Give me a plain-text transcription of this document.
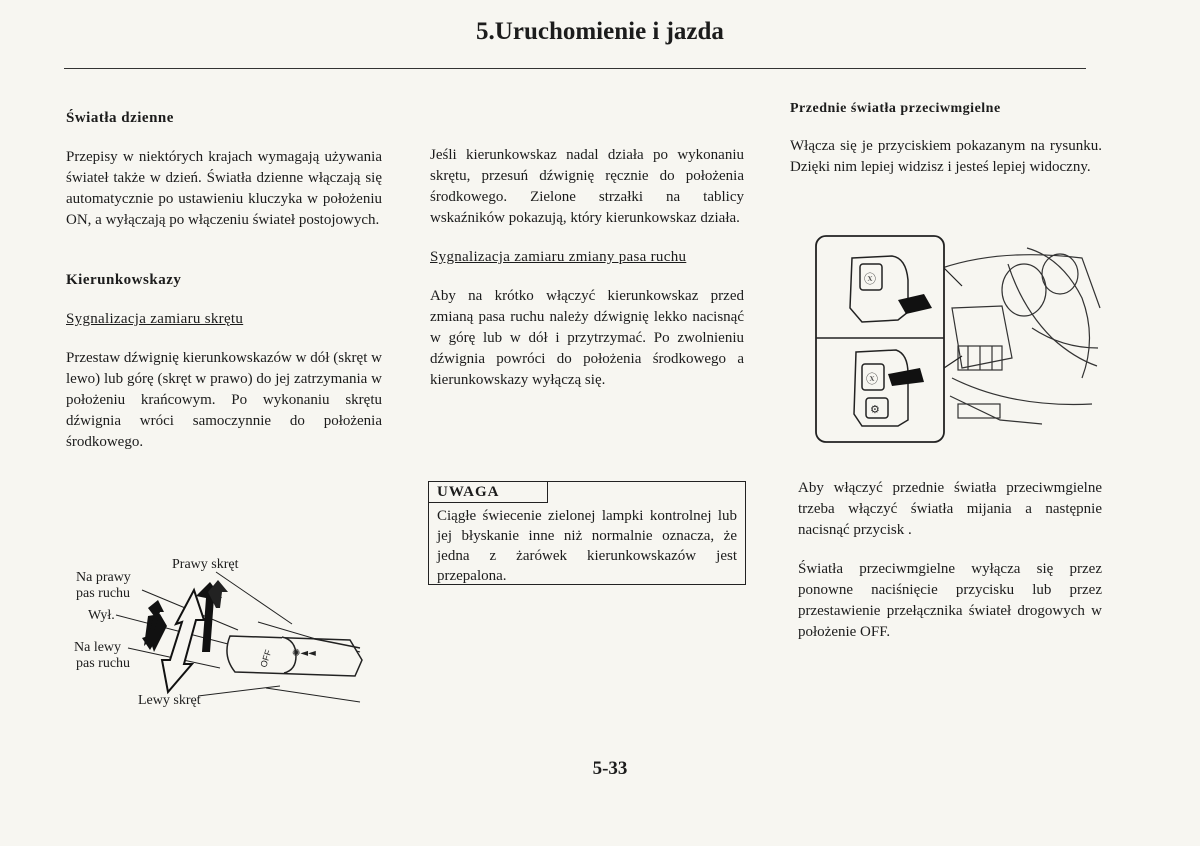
5.Uruchomienie i jazda

Światła dzienne

Przepisy w niektórych krajach wymagają używania świateł także w dzień. Światła dzienne włączają się automatycznie po ustawieniu kluczyka w położeniu ON, a wyłączają po włączeniu świateł postojowych.

Kierunkowskazy

Sygnalizacja zamiaru skrętu

Przestaw dźwignię kierunkowskazów w dół (skręt w lewo) lub górę (skręt w prawo) do jej zatrzymania w położeniu krańcowym. Po wykonaniu skrętu dźwignia wróci samoczynnie do położenia środkowego.

Prawy skręt
Na prawy
pas ruchu
Wył.
Na lewy
pas ruchu
Lewy skręt
OFF ✺◄◄

Jeśli kierunkowskaz nadal działa po wykonaniu skrętu, przesuń dźwignię ręcznie do położenia środkowego. Zielone strzałki na tablicy wskaźników pokazują, który kierunkowskaz działa.

Sygnalizacja zamiaru zmiany pasa ruchu

Aby na krótko włączyć kierunkowskaz przed zmianą pasa ruchu należy dźwignię lekko nacisnąć w górę lub w dół i przytrzymać. Po zwolnieniu dźwignia powróci do położenia środkowego a kierunkowskazy wyłączą się.

UWAGA
Ciągłe świecenie zielonej lampki kontrolnej lub jej błyskanie inne niż normalnie oznacza, że jedna z żarówek kierunkowskazów jest przepalona.

Przednie światła przeciwmgielne

Włącza się je przyciskiem pokazanym na rysunku. Dzięki nim lepiej widzisz i jesteś lepiej widoczny.

ⓧ
ⓧ
⚙

Aby włączyć przednie światła przeciwmgielne trzeba włączyć światła mijania a następnie nacisnąć przycisk .

Światła przeciwmgielne wyłącza się przez ponowne naciśnięcie przycisku lub przez przestawienie przełącznika świateł drogowych w położenie OFF.

5-33
